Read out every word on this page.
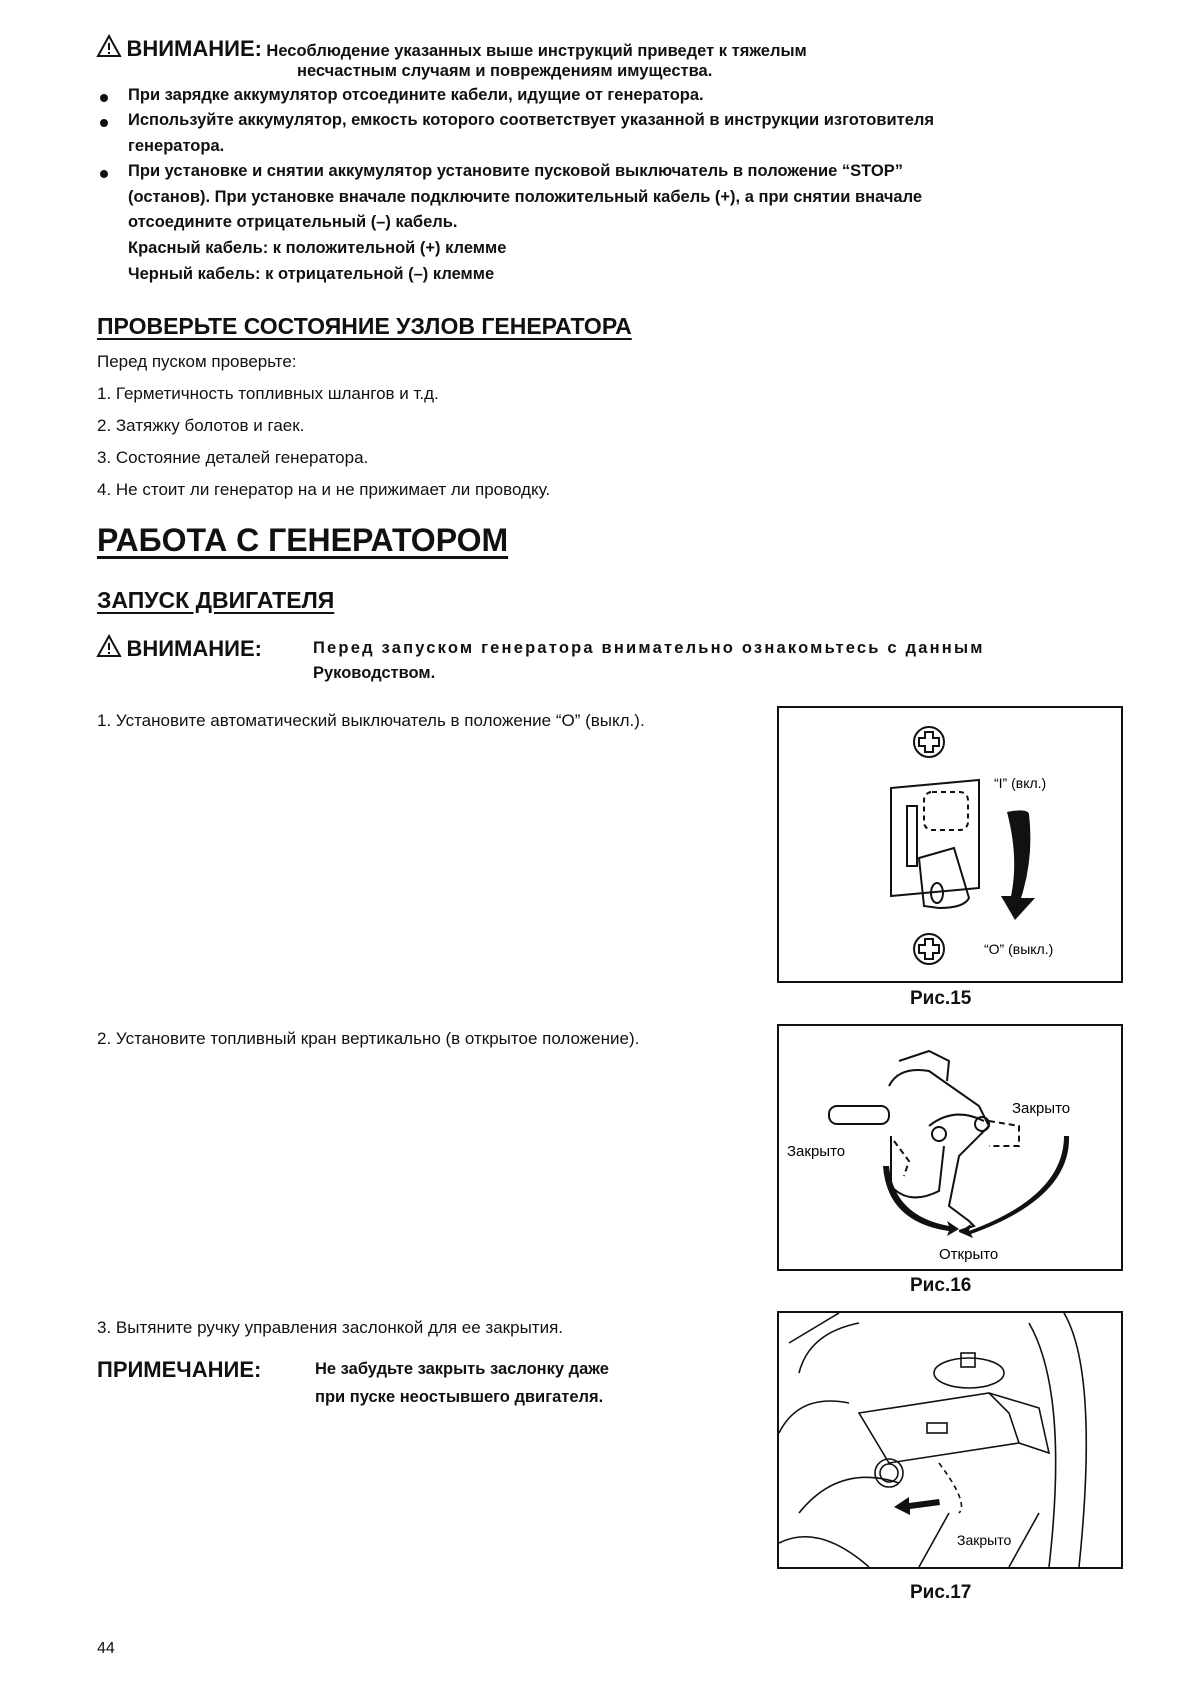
ВНИМАНИЕ: Несоблюдение указанных выше инструкций приведет к тяжелым
несчастным случаям и повреждениям имущества.
При зарядке аккумулятор отсоедините кабели, идущие от генератора.
Используйте аккумулятор, емкость которого соответствует указанной в инструкции изготовителя
генератора.
При установке и снятии аккумулятор установите пусковой выключатель в положение “STOP”
(останов). При установке вначале подключите положительный кабель (+), а при снятии вначале
отсоедините отрицательный (–) кабель.
Красный кабель: к положительной (+) клемме
Черный кабель: к отрицательной (–) клемме
ПРОВЕРЬТЕ СОСТОЯНИЕ УЗЛОВ ГЕНЕРАТОРА
Перед пуском проверьте:
1. Герметичность топливных шлангов и т.д.
2. Затяжку болотов и гаек.
3. Состояние деталей генератора.
4. Не стоит ли генератор на и не прижимает ли проводку.
РАБОТА С ГЕНЕРАТОРОМ
ЗАПУСК ДВИГАТЕЛЯ
ВНИМАНИЕ:	Перед запуском генератора внимательно ознакомьтесь с данным
Руководством.
1. Установите автоматический выключатель в положение “O” (выкл.).
2. Установите топливный кран вертикально (в открытое положение).
3. Вытяните ручку управления заслонкой для ее закрытия.
ПРИМЕЧАНИЕ:	Не забудьте закрыть заслонку даже
при пуске неостывшего двигателя.
“I” (вкл.)
“O” (выкл.)
Рис.15
Закрыто
Закрыто
Открыто
Рис.16
Закрыто
Рис.17
44
